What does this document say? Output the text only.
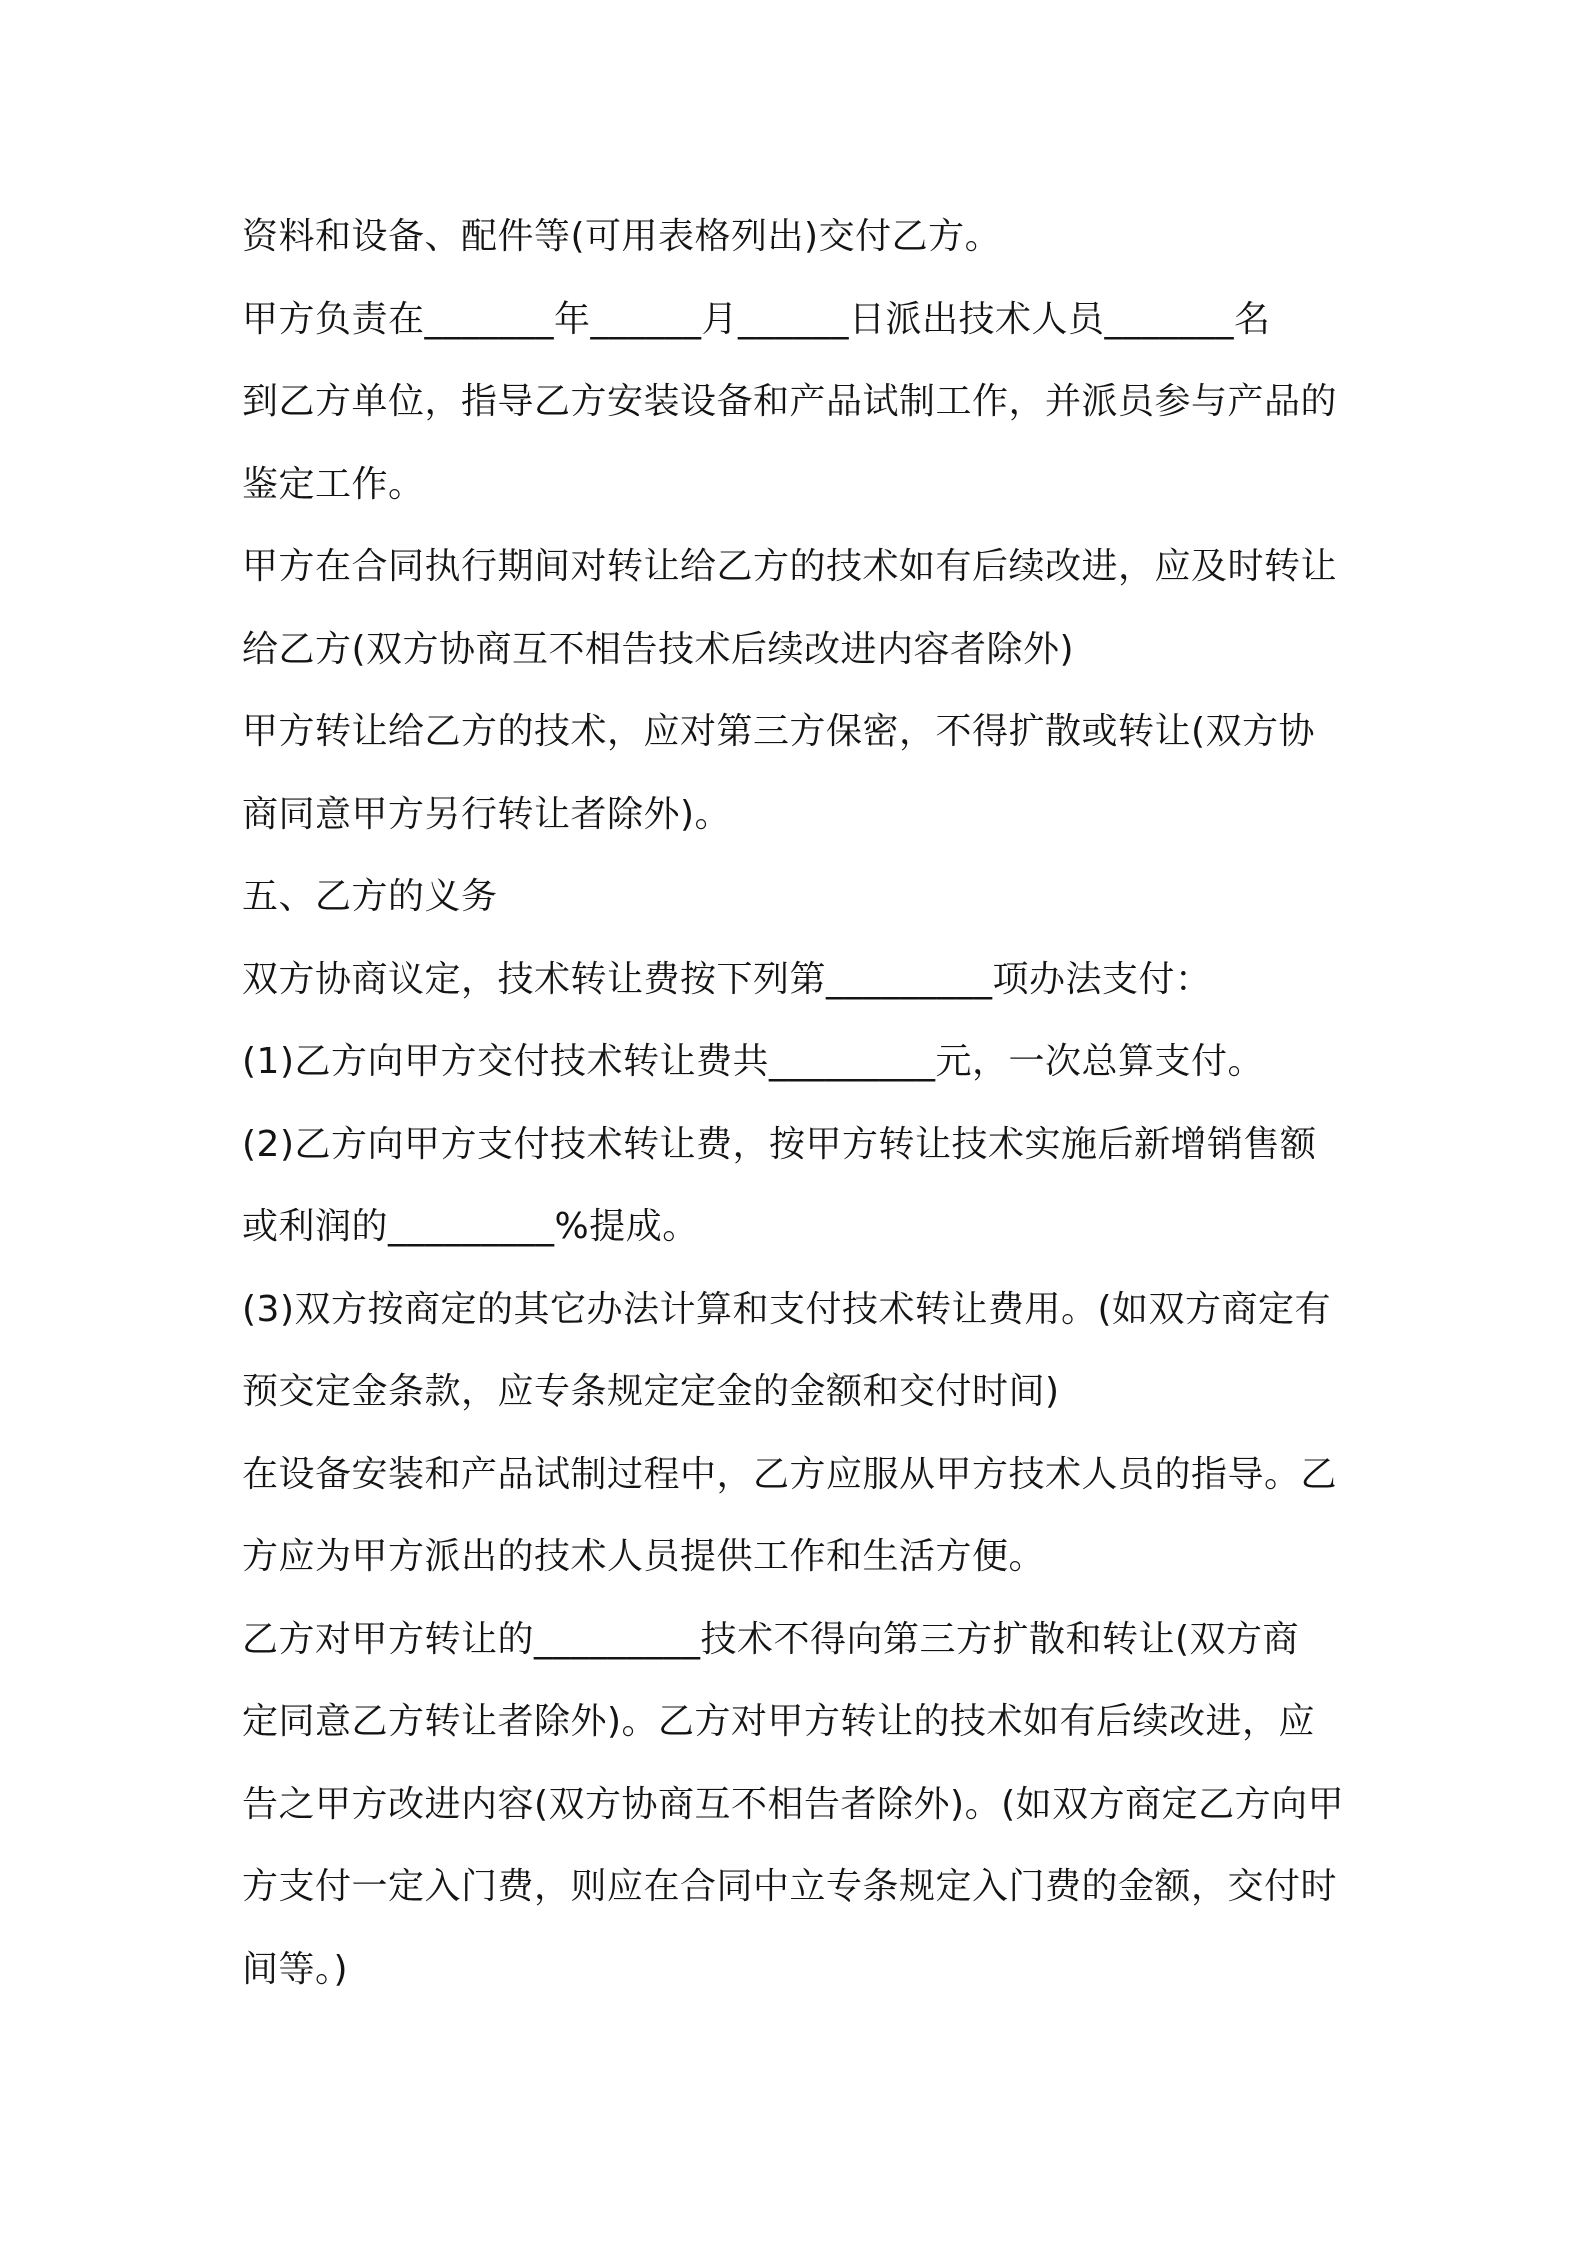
资料和设备、配件等(可用表格列出)交付乙方。
甲方负责在_______年______月______日派出技术人员_______名
到乙方单位，指导乙方安装设备和产品试制工作，并派员参与产品的
鉴定工作。
甲方在合同执行期间对转让给乙方的技术如有后续改进，应及时转让
给乙方(双方协商互不相告技术后续改进内容者除外)
甲方转让给乙方的技术，应对第三方保密，不得扩散或转让(双方协
商同意甲方另行转让者除外)。
五、乙方的义务
双方协商议定，技术转让费按下列第_________项办法支付：
(1)乙方向甲方交付技术转让费共_________元，一次总算支付。
(2)乙方向甲方支付技术转让费，按甲方转让技术实施后新增销售额
或利润的_________%提成。
(3)双方按商定的其它办法计算和支付技术转让费用。(如双方商定有
预交定金条款，应专条规定定金的金额和交付时间)
在设备安装和产品试制过程中，乙方应服从甲方技术人员的指导。乙
方应为甲方派出的技术人员提供工作和生活方便。
乙方对甲方转让的_________技术不得向第三方扩散和转让(双方商
定同意乙方转让者除外)。乙方对甲方转让的技术如有后续改进，应
告之甲方改进内容(双方协商互不相告者除外)。(如双方商定乙方向甲
方支付一定入门费，则应在合同中立专条规定入门费的金额，交付时
间等。)
